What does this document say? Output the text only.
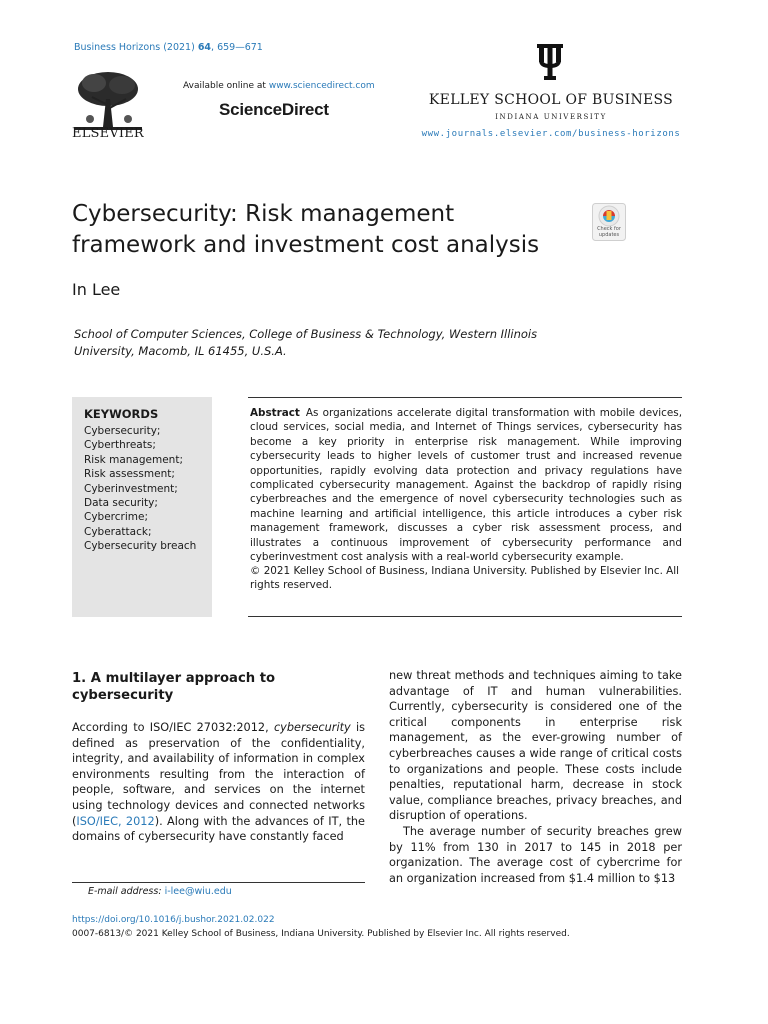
Business Horizons (2021) 64, 659—671
ELSEVIER
Available online at www.sciencedirect.com
ScienceDirect	KELLEY SCHOOL OF BUSINESS
INDIANA UNIVERSITY
www.journals.elsevier.com/business-horizons
Cybersecurity: Risk management framework and investment cost analysis
Check for
updates
In Lee
School of Computer Sciences, College of Business & Technology, Western Illinois
University, Macomb, IL 61455, U.S.A.
KEYWORDS
Cybersecurity;
Cyberthreats;
Risk management;
Risk assessment;
Cyberinvestment;
Data security;
Cybercrime;
Cyberattack;
Cybersecurity breach

Abstract As organizations accelerate digital transformation with mobile devices, cloud services, social media, and Internet of Things services, cybersecurity has become a key priority in enterprise risk management. While improving cybersecurity leads to higher levels of customer trust and increased revenue opportunities, rapidly evolving data protection and privacy regulations have complicated cybersecurity management. Against the backdrop of rapidly rising cyberbreaches and the emergence of novel cybersecurity technologies such as machine learning and artificial intelligence, this article introduces a cyber risk management framework, discusses a cyber risk assessment process, and illustrates a continuous improvement of cybersecurity performance and cyberinvestment cost analysis with a real-world cybersecurity example.

© 2021 Kelley School of Business, Indiana University. Published by Elsevier Inc. All rights reserved.

1. A multilayer approach to cybersecurity

According to ISO/IEC 27032:2012, cybersecurity is defined as preservation of the confidentiality, integrity, and availability of information in complex environments resulting from the interaction of people, software, and services on the internet using technology devices and connected networks (ISO/IEC, 2012). Along with the advances of IT, the domains of cybersecurity have constantly faced

new threat methods and techniques aiming to take advantage of IT and human vulnerabilities. Currently, cybersecurity is considered one of the critical components in enterprise risk management, as the ever-growing number of cyberbreaches causes a wide range of critical costs to organizations and people. These costs include penalties, reputational harm, decrease in stock value, compliance breaches, privacy breaches, and disruption of operations.

The average number of security breaches grew by 11% from 130 in 2017 to 145 in 2018 per organization. The average cost of cybercrime for an organization increased from $1.4 million to $13

E-mail address: i-lee@wiu.edu
https://doi.org/10.1016/j.bushor.2021.02.022
0007-6813/© 2021 Kelley School of Business, Indiana University. Published by Elsevier Inc. All rights reserved.
